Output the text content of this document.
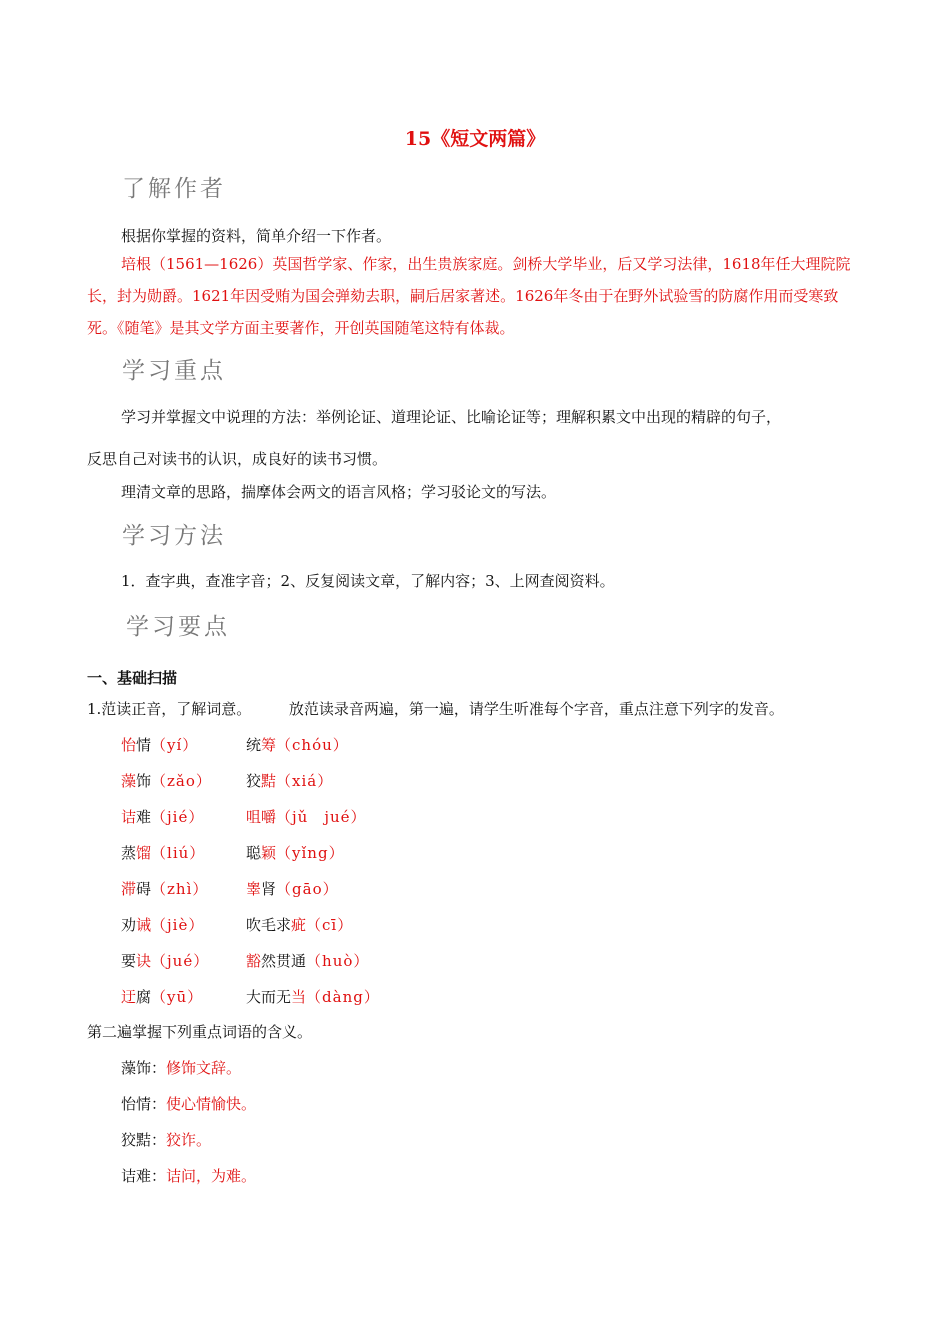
15《短文两篇》
了解作者
根据你掌握的资料，简单介绍一下作者。
培根（1561—1626）英国哲学家、作家，出生贵族家庭。剑桥大学毕业，后又学习法律，1618年任大理院院长，封为勋爵。1621年因受贿为国会弹劾去职，嗣后居家著述。1626年冬由于在野外试验雪的防腐作用而受寒致死。《随笔》是其文学方面主要著作，开创英国随笔这特有体裁。
学习重点
学习并掌握文中说理的方法：举例论证、道理论证、比喻论证等；理解积累文中出现的精辟的句子，
反思自己对读书的认识，成良好的读书习惯。
理清文章的思路，揣摩体会两文的语言风格；学习驳论文的写法。
学习方法
1．查字典，查准字音；2、反复阅读文章，了解内容；3、上网查阅资料。
学习要点
一、基础扫描
1.范读正音，了解词意。　　　放范读录音两遍，第一遍，请学生听准每个字音，重点注意下列字的发音。
怡情（yí）	统筹（chóu）
藻饰（zǎo） 狡黠（xiá）
诘难（jié）	咀嚼（jǔ　jué）
蒸馏（liú）	聪颖（yǐng）
滞碍（zhì）	睾肾（gāo）
劝诫（jiè）	吹毛求疵（cī）
要诀（jué） 豁然贯通（huò）
迂腐（yū）	大而无当（dàng）
第二遍掌握下列重点词语的含义。
藻饰：修饰文辞。
怡情：使心情愉快。
狡黠：狡诈。
诘难：诘问，为难。
